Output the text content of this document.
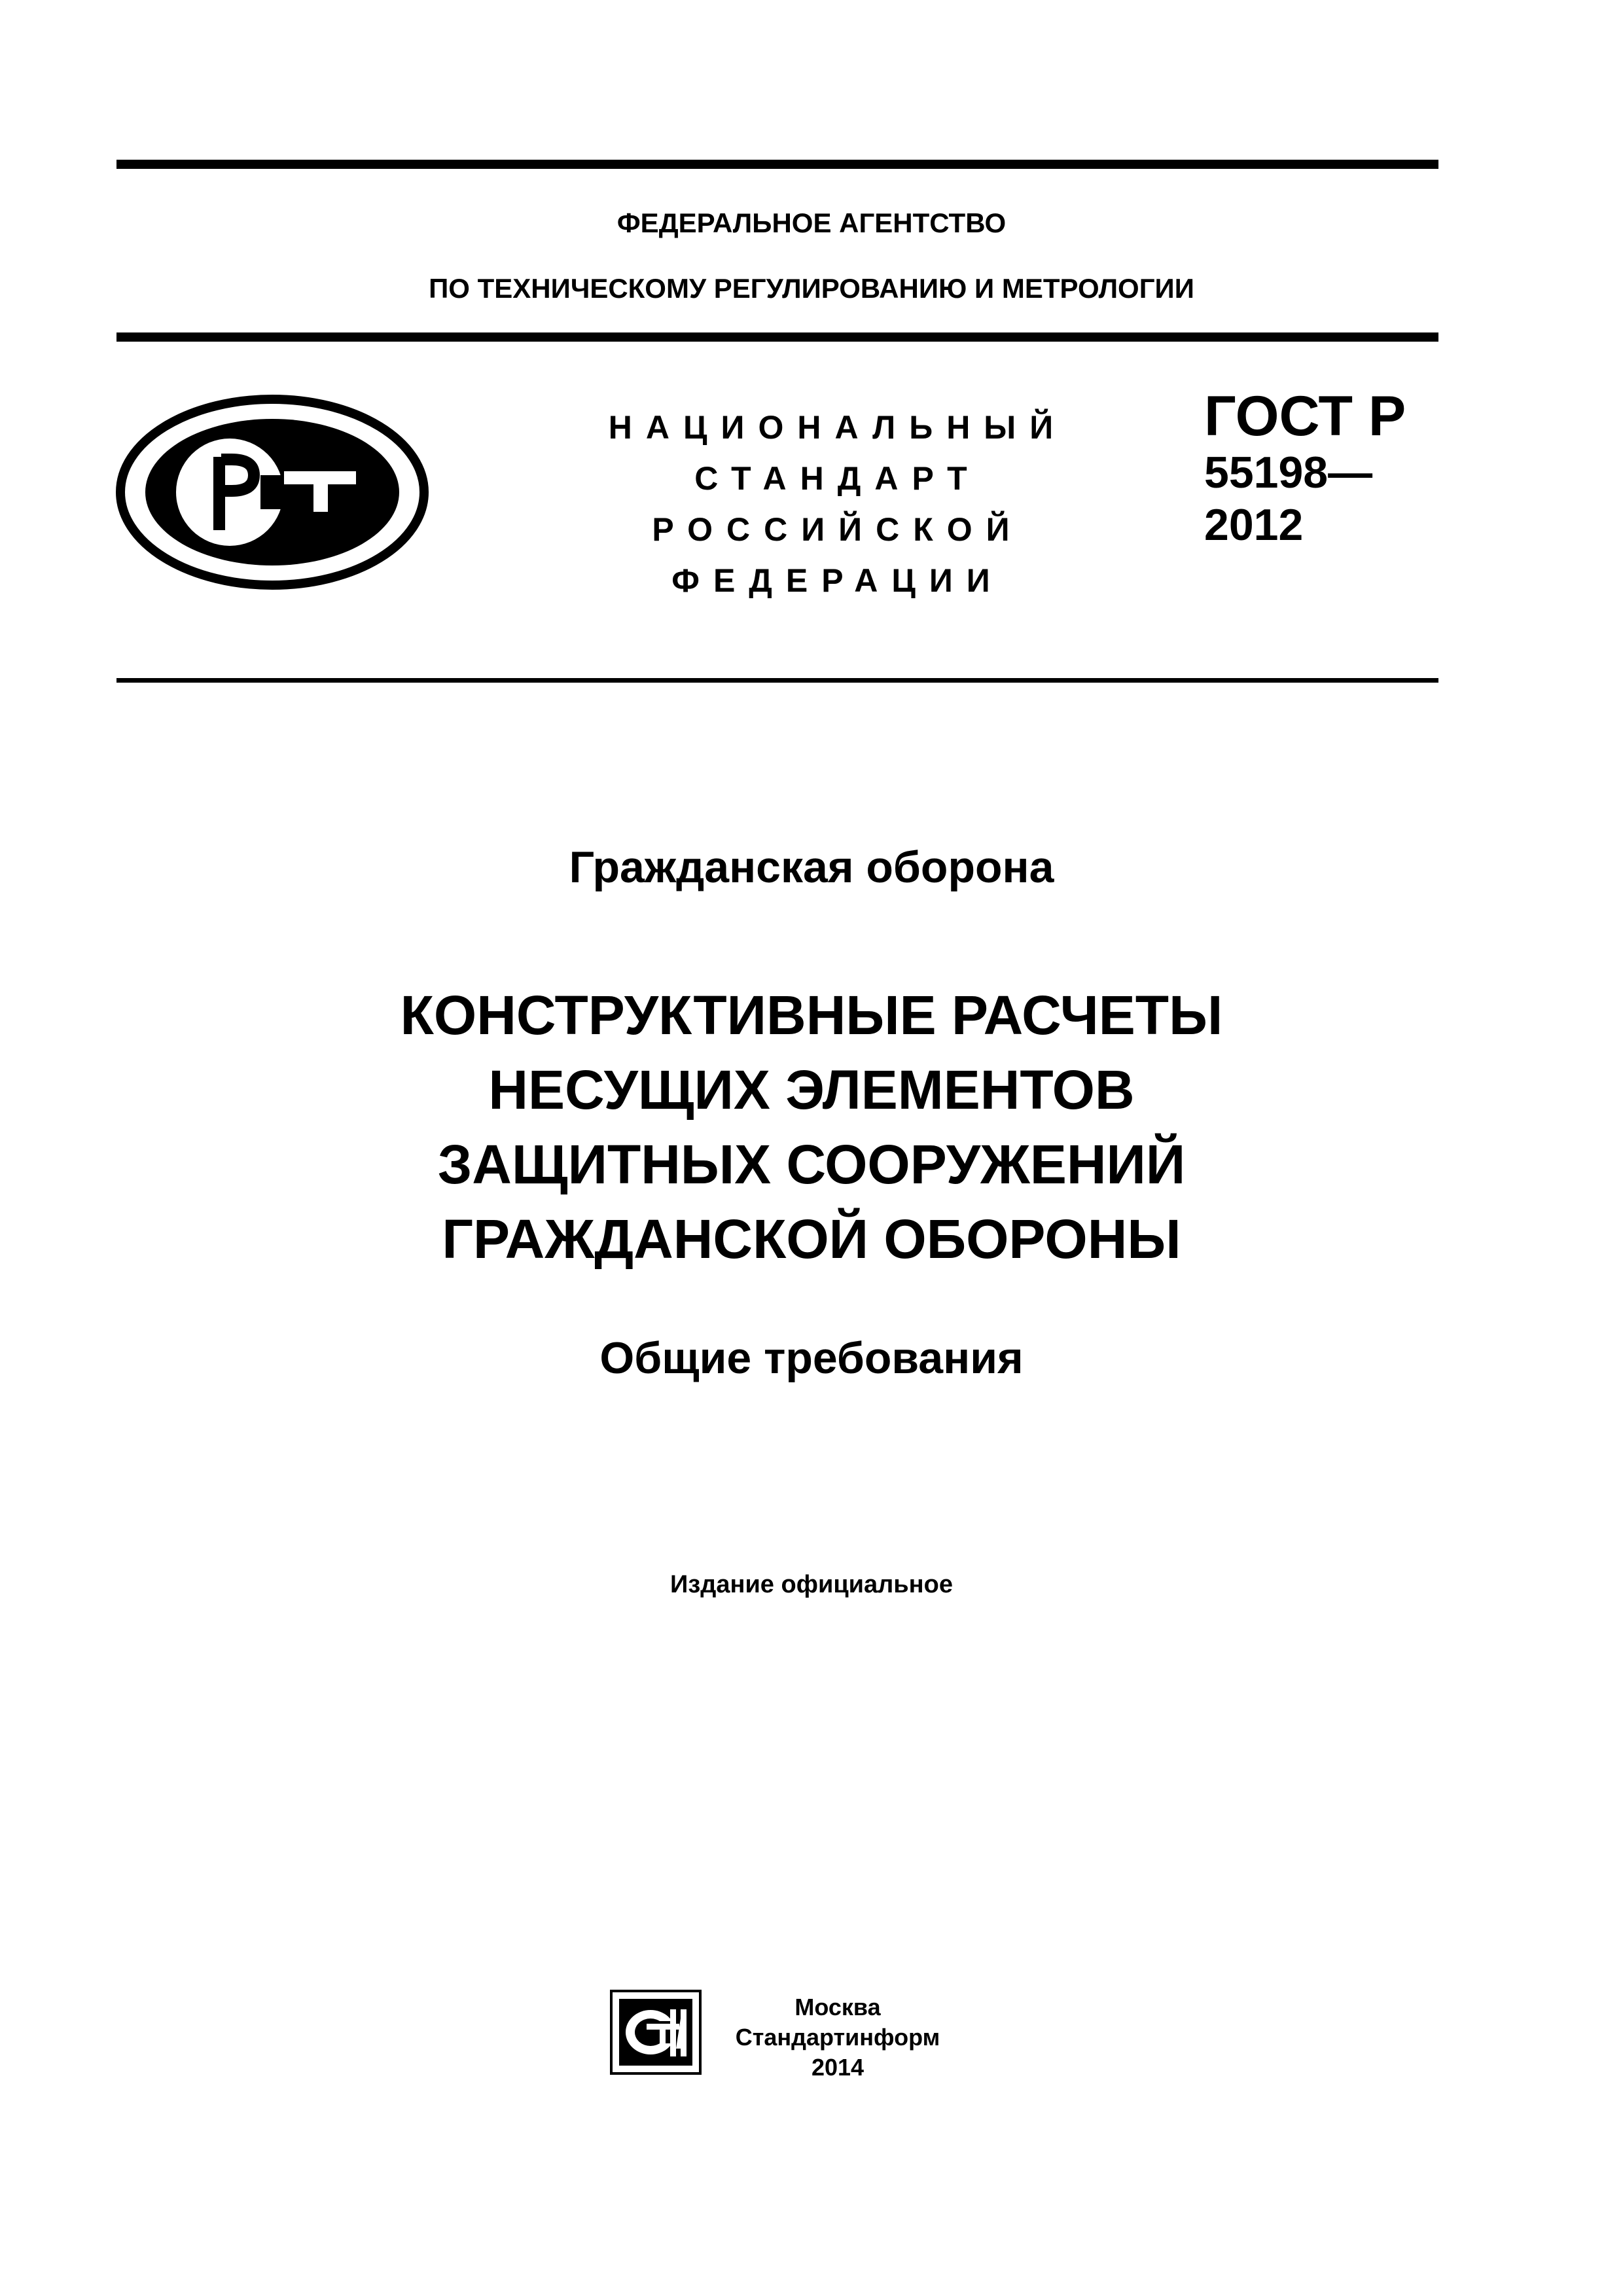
ФЕДЕРАЛЬНОЕ АГЕНТСТВО
ПО ТЕХНИЧЕСКОМУ РЕГУЛИРОВАНИЮ И МЕТРОЛОГИИ
НАЦИОНАЛЬНЫЙ
СТАНДАРТ
РОССИЙСКОЙ
ФЕДЕРАЦИИ
ГОСТ Р
55198—
2012
Гражданская оборона
КОНСТРУКТИВНЫЕ РАСЧЕТЫ
НЕСУЩИХ ЭЛЕМЕНТОВ
ЗАЩИТНЫХ СООРУЖЕНИЙ
ГРАЖДАНСКОЙ ОБОРОНЫ
Общие требования
Издание официальное
Москва
Стандартинформ
2014
